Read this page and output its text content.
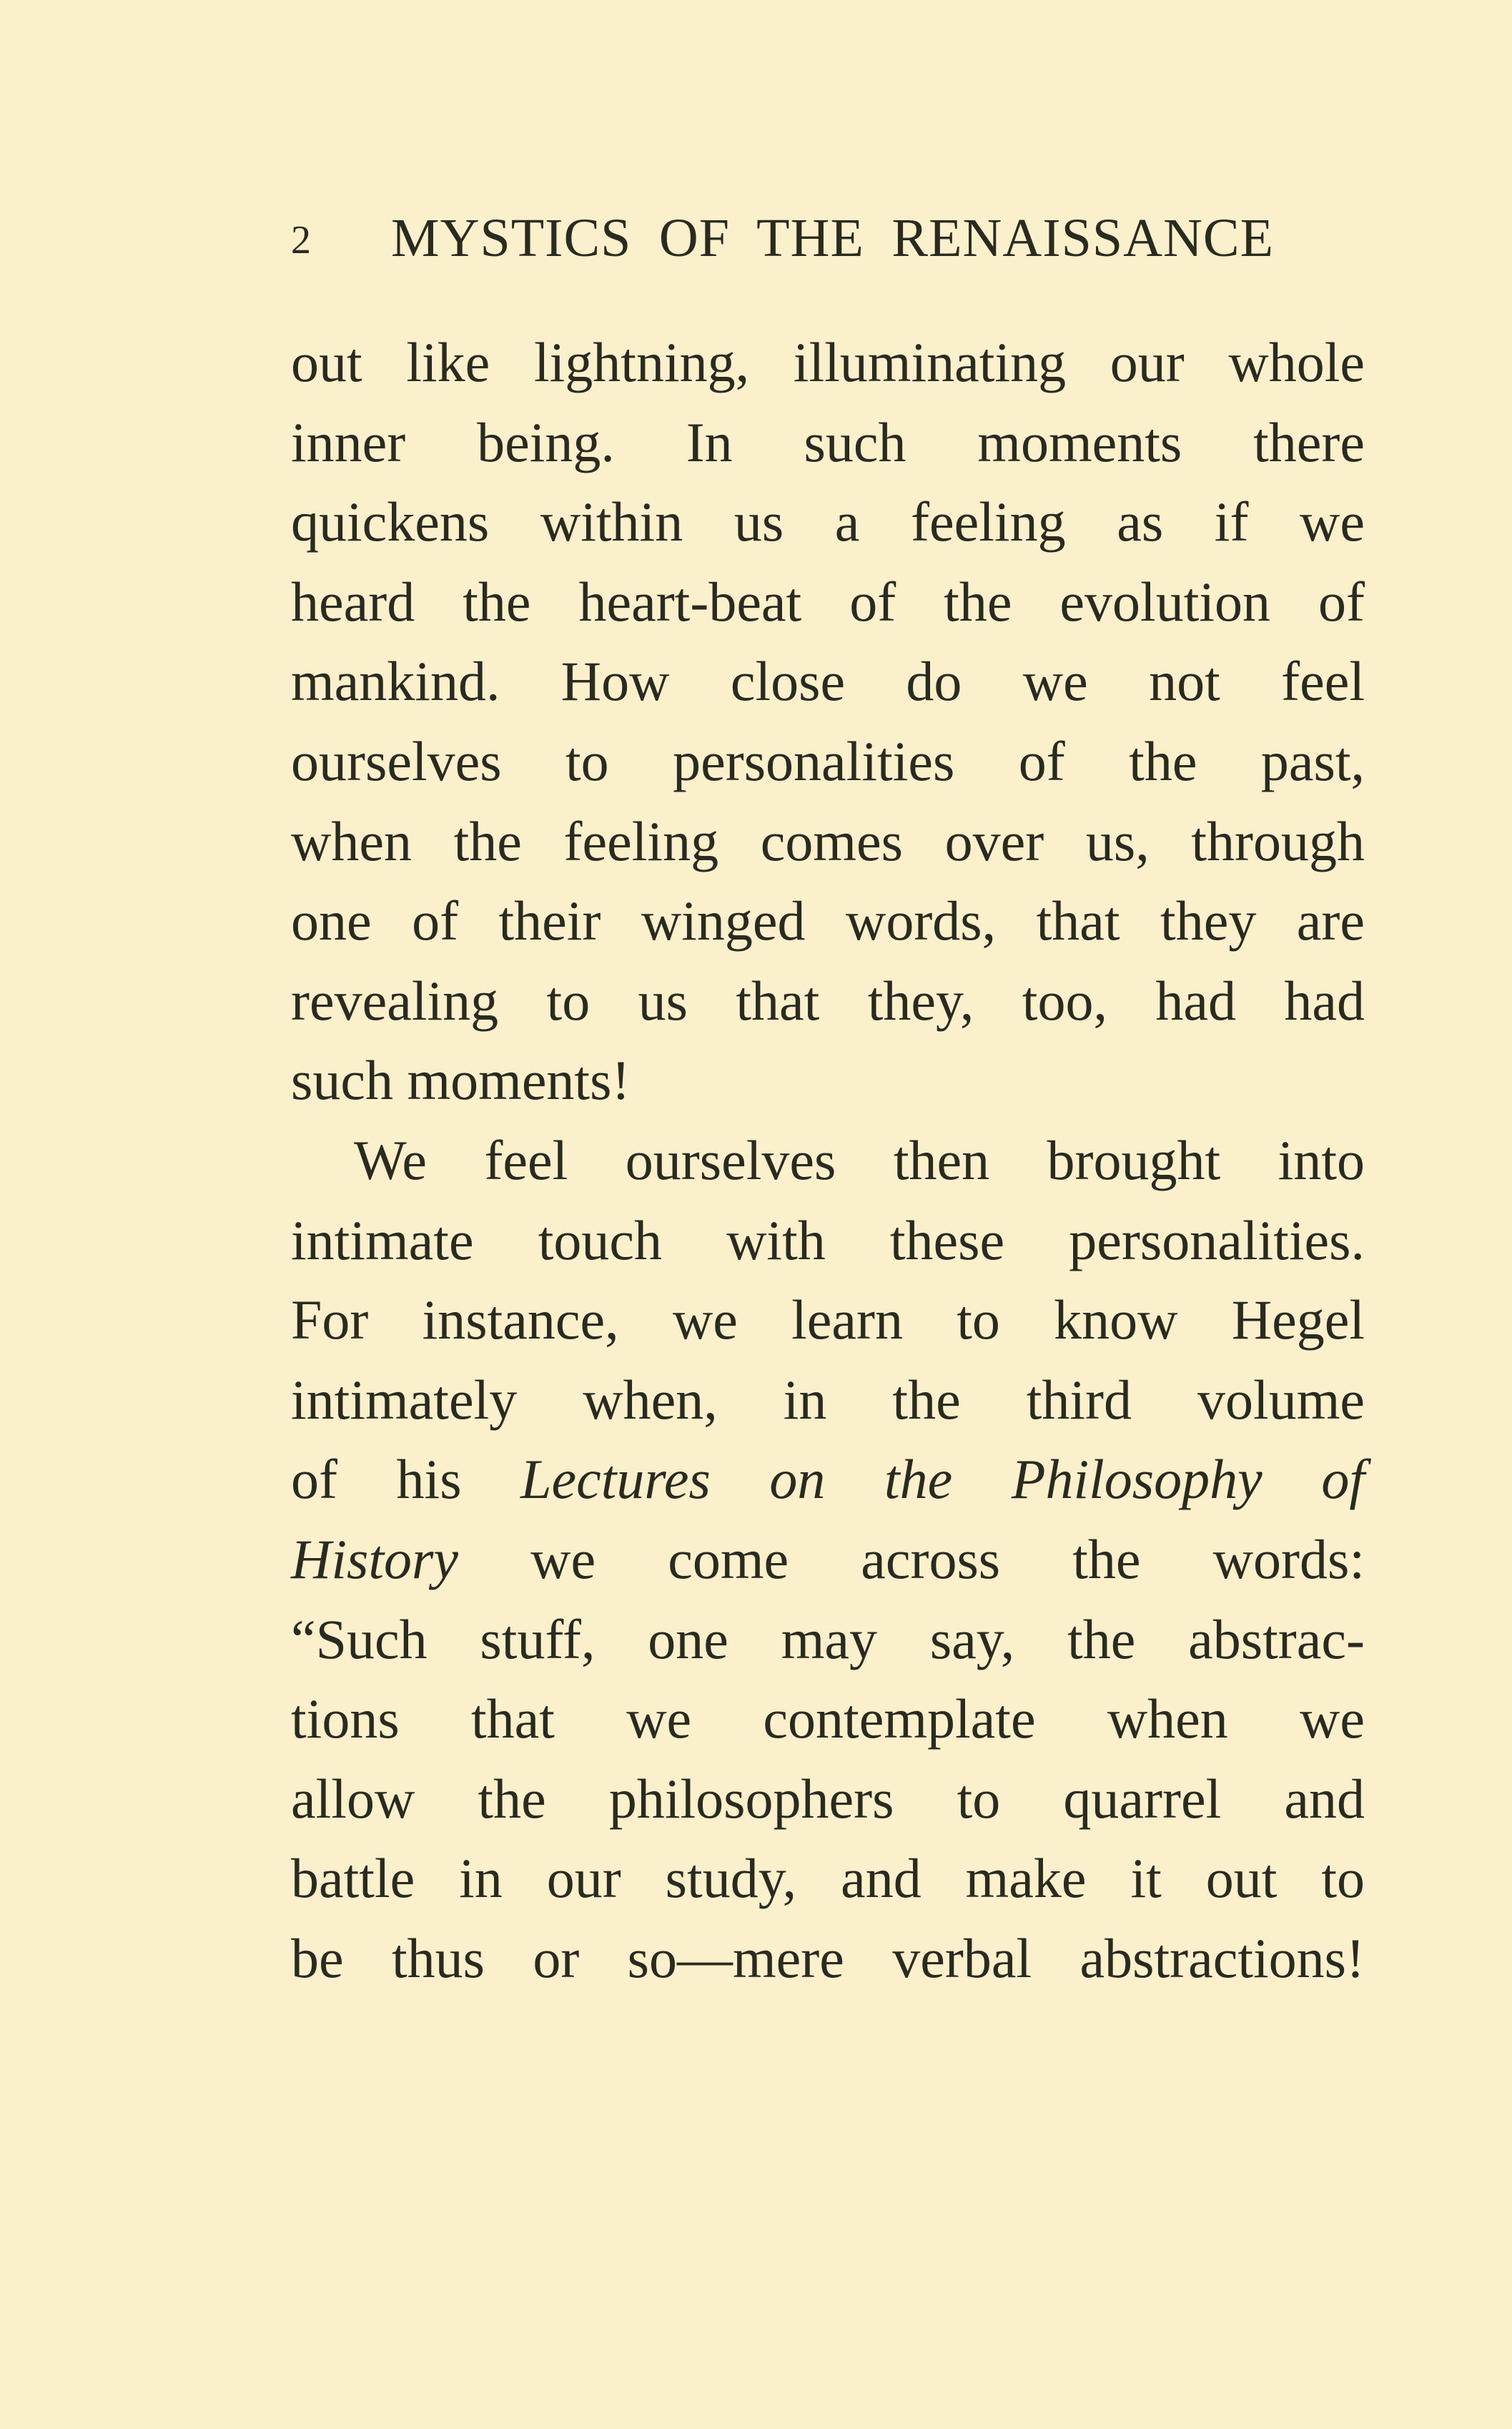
2 MYSTICS OF THE RENAISSANCE
out like lightning, illuminating our whole
inner being. In such moments there
quickens within us a feeling as if we
heard the heart-beat of the evolution of
mankind. How close do we not feel
ourselves to personalities of the past,
when the feeling comes over us, through
one of their winged words, that they are
revealing to us that they, too, had had
such moments!
We feel ourselves then brought into
intimate touch with these personalities.
For instance, we learn to know Hegel
intimately when, in the third volume
of his Lectures on the Philosophy of
History we come across the words:
“Such stuff, one may say, the abstrac-
tions that we contemplate when we
allow the philosophers to quarrel and
battle in our study, and make it out to
be thus or so—mere verbal abstractions!
